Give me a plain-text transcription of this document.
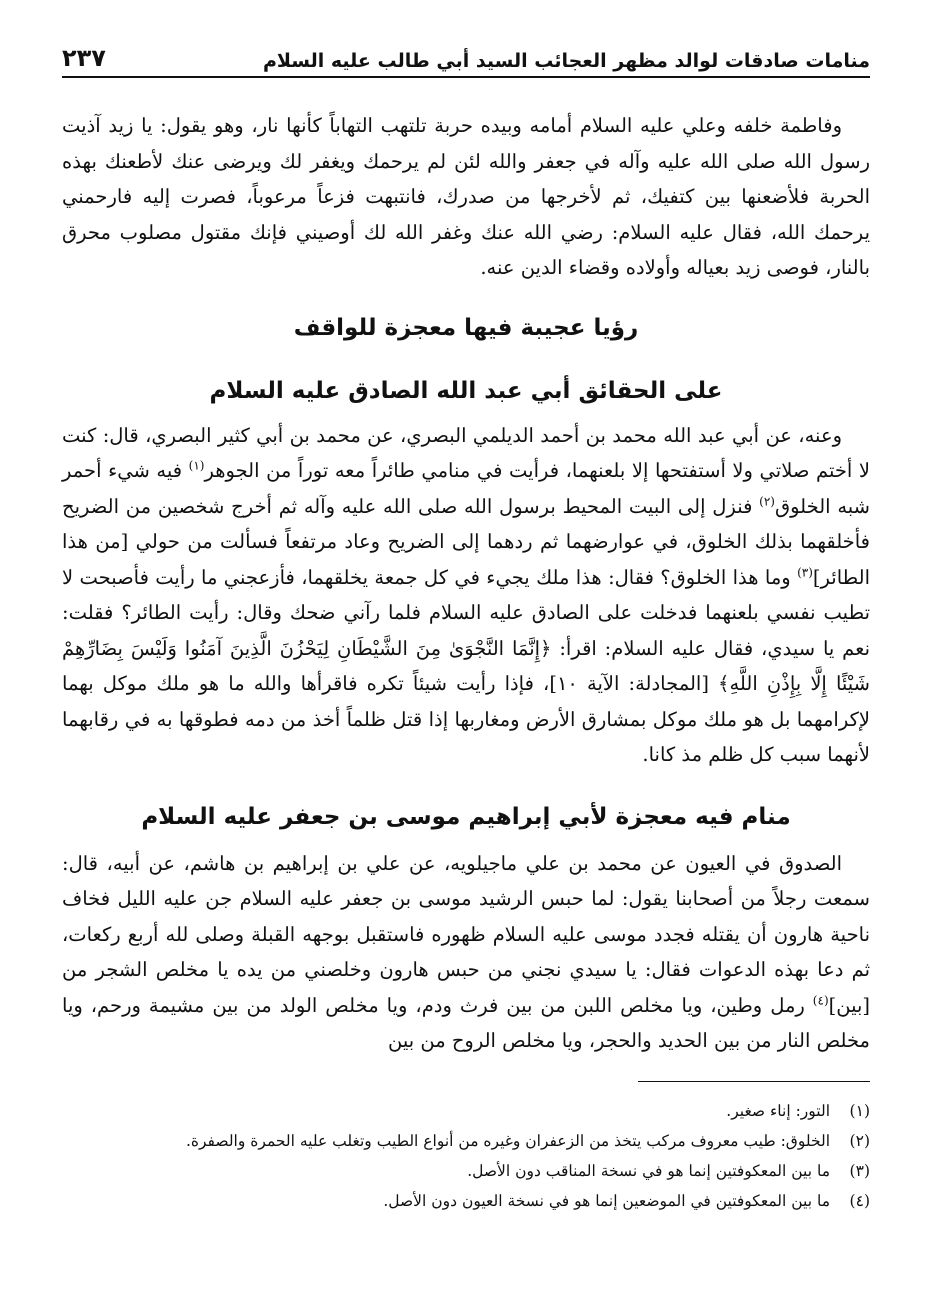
منامات صادقات لوالد مظهر العجائب السيد أبي طالب عليه السلام
٢٣٧

وفاطمة خلفه وعلي عليه السلام أمامه وبيده حربة تلتهب التهاباً كأنها نار، وهو يقول: يا زيد آذيت رسول الله صلى الله عليه وآله في جعفر والله لئن لم يرحمك ويغفر لك ويرضى عنك لأطعنك بهذه الحربة فلأضعنها بين كتفيك، ثم لأخرجها من صدرك، فانتبهت فزعاً مرعوباً، فصرت إليه فارحمني يرحمك الله، فقال عليه السلام: رضي الله عنك وغفر الله لك أوصيني فإنك مقتول مصلوب محرق بالنار، فوصى زيد بعياله وأولاده وقضاء الدين عنه.

رؤيا عجيبة فيها معجزة للواقف
على الحقائق أبي عبد الله الصادق عليه السلام

وعنه، عن أبي عبد الله محمد بن أحمد الديلمي البصري، عن محمد بن أبي كثير البصري، قال: كنت لا أختم صلاتي ولا أستفتحها إلا بلعنهما، فرأيت في منامي طائراً معه توراً من الجوهر$^{(١)}$ فيه شيء أحمر شبه الخلوق$^{(٢)}$ فنزل إلى البيت المحيط برسول الله صلى الله عليه وآله ثم أخرج شخصين من الضريح فأخلقهما بذلك الخلوق، في عوارضهما ثم ردهما إلى الضريح وعاد مرتفعاً فسألت من حولي [من هذا الطائر]$^{(٣)}$ وما هذا الخلوق؟ فقال: هذا ملك يجيء في كل جمعة يخلقهما، فأزعجني ما رأيت فأصبحت لا تطيب نفسي بلعنهما فدخلت على الصادق عليه السلام فلما رآني ضحك وقال: رأيت الطائر؟ فقلت: نعم يا سيدي، فقال عليه السلام: اقرأ: ﴿إِنَّمَا النَّجْوَىٰ مِنَ الشَّيْطَانِ لِيَحْزُنَ الَّذِينَ آمَنُوا وَلَيْسَ بِضَارِّهِمْ شَيْئًا إِلَّا بِإِذْنِ اللَّهِ﴾ [المجادلة: الآية ١٠]، فإذا رأيت شيئاً تكره فاقرأها والله ما هو ملك موكل بهما لإكرامهما بل هو ملك موكل بمشارق الأرض ومغاربها إذا قتل ظلماً أخذ من دمه فطوقها به في رقابهما لأنهما سبب كل ظلم مذ كانا.

منام فيه معجزة لأبي إبراهيم موسى بن جعفر عليه السلام

الصدوق في العيون عن محمد بن علي ماجيلويه، عن علي بن إبراهيم بن هاشم، عن أبيه، قال: سمعت رجلاً من أصحابنا يقول: لما حبس الرشيد موسى بن جعفر عليه السلام جن عليه الليل فخاف ناحية هارون أن يقتله فجدد موسى عليه السلام ظهوره فاستقبل بوجهه القبلة وصلى لله أربع ركعات، ثم دعا بهذه الدعوات فقال: يا سيدي نجني من حبس هارون وخلصني من يده يا مخلص الشجر من [بين]$^{(٤)}$ رمل وطين، ويا مخلص اللبن من بين فرث ودم، ويا مخلص الولد من بين مشيمة ورحم، ويا مخلص النار من بين الحديد والحجر، ويا مخلص الروح من بين

(١)
التور: إناء صغير.
(٢)
الخلوق: طيب معروف مركب يتخذ من الزعفران وغيره من أنواع الطيب وتغلب عليه الحمرة والصفرة.
(٣)
ما بين المعكوفتين إنما هو في نسخة المناقب دون الأصل.
(٤)
ما بين المعكوفتين في الموضعين إنما هو في نسخة العيون دون الأصل.
